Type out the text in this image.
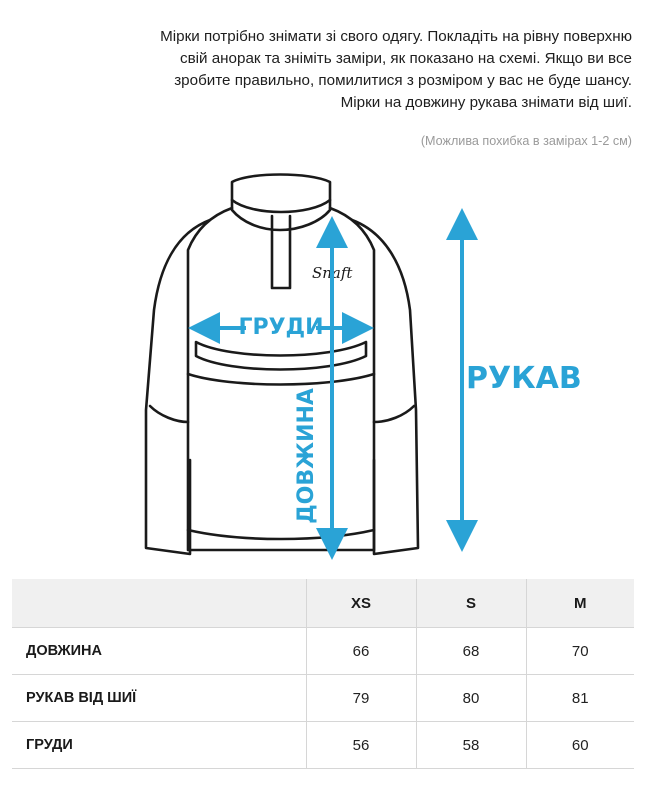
Мірки потрібно знімати зі свого одягу. Покладіть на рівну поверхню

свій анорак та зніміть заміри, як показано на схемі. Якщо ви все

зробите правильно, помилитися з розміром у вас не буде шансу.

Мірки на довжину рукава знімати від шиї.

(Можлива похибка в замірах 1-2 см)
Snaft
ГРУДИ
ДОВЖИНА
РУКАВ
	XS	S	M
ДОВЖИНА	66	68	70
РУКАВ ВІД ШИЇ	79	80	81
ГРУДИ	56	58	60
